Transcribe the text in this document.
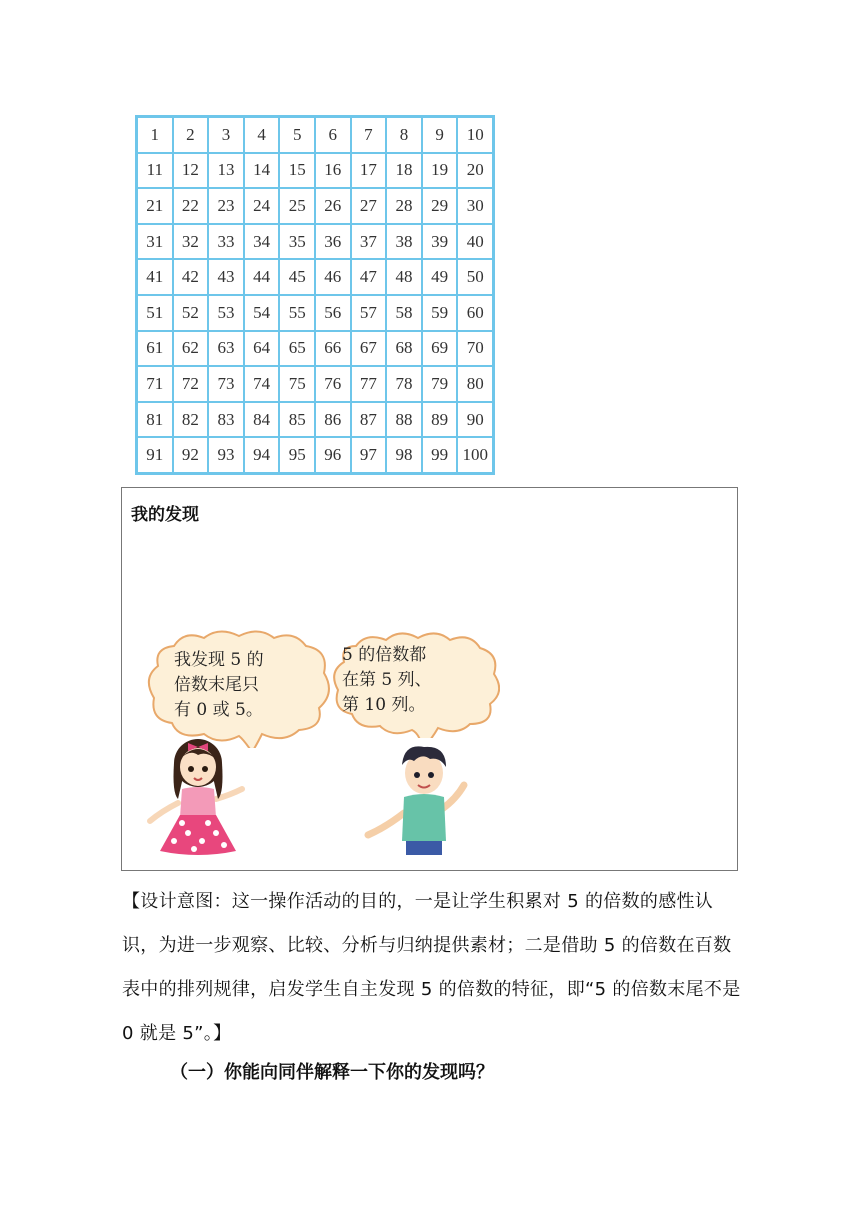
1	2	3	4	5	6	7	8	9	10
11	12	13	14	15	16	17	18	19	20
21	22	23	24	25	26	27	28	29	30
31	32	33	34	35	36	37	38	39	40
41	42	43	44	45	46	47	48	49	50
51	52	53	54	55	56	57	58	59	60
61	62	63	64	65	66	67	68	69	70
71	72	73	74	75	76	77	78	79	80
81	82	83	84	85	86	87	88	89	90
91	92	93	94	95	96	97	98	99 100
我的发现
我发现 5 的
倍数末尾只
有 0 或 5。
5 的倍数都
在第 5 列、
第 10 列。
【设计意图：这一操作活动的目的，一是让学生积累对 5 的倍数的感性认识，为进一步观察、比较、分析与归纳提供素材；二是借助 5 的倍数在百数表中的排列规律，启发学生自主发现 5 的倍数的特征，即“5 的倍数末尾不是 0 就是 5”。】
（一）你能向同伴解释一下你的发现吗？
